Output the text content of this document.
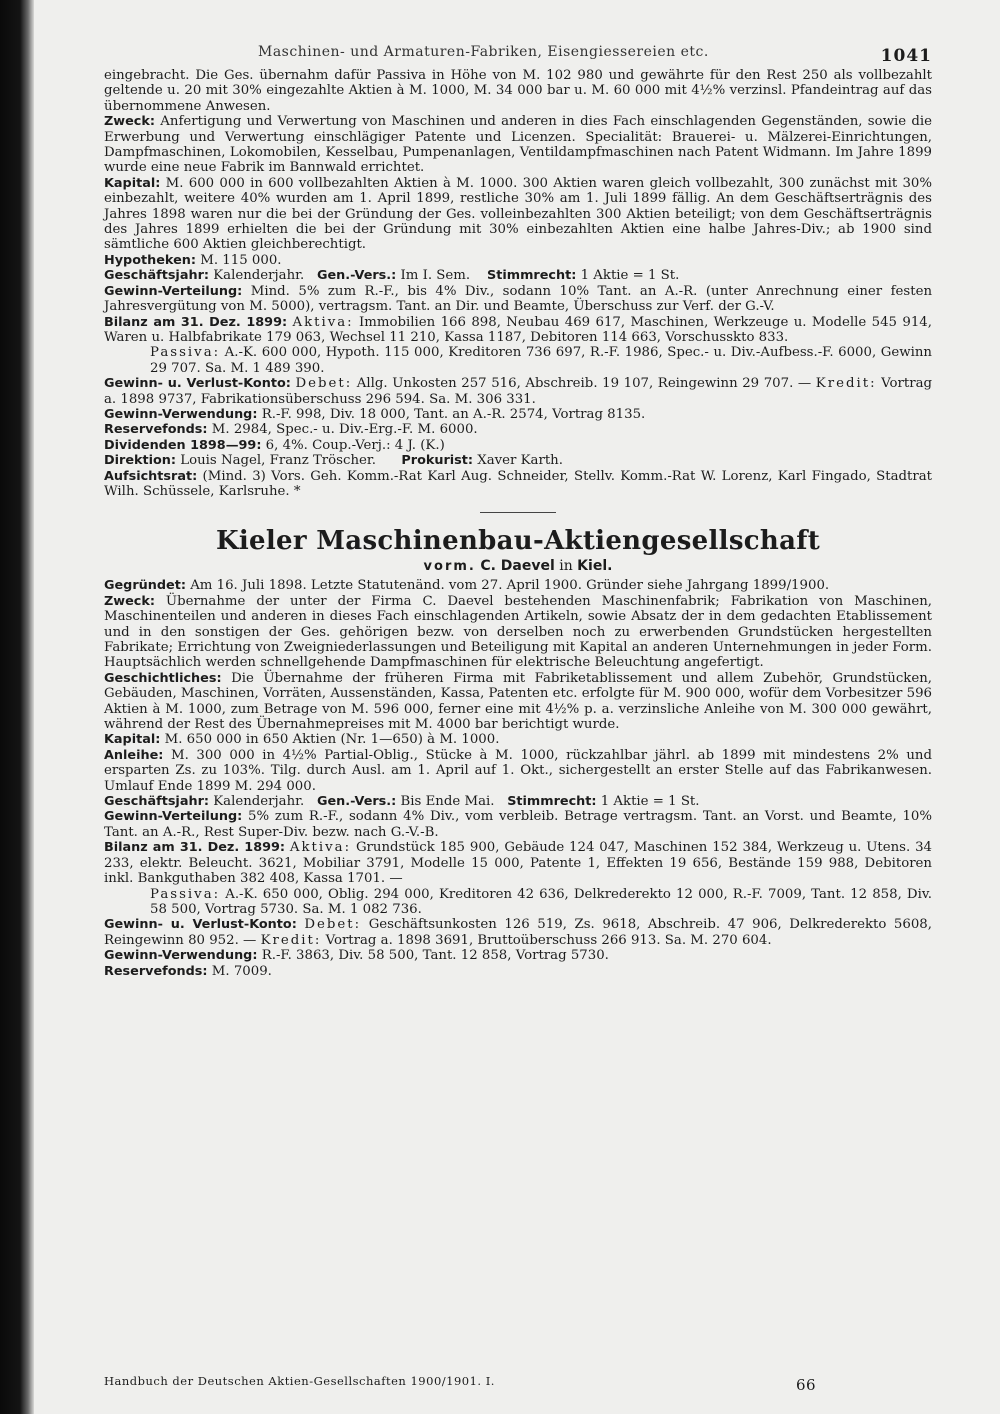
Maschinen- und Armaturen-Fabriken, Eisengiessereien etc.	1041

eingebracht. Die Ges. übernahm dafür Passiva in Höhe von M. 102 980 und gewährte für den Rest 250 als vollbezahlt geltende u. 20 mit 30% eingezahlte Aktien à M. 1000, M. 34 000 bar u. M. 60 000 mit 4½% verzinsl. Pfandeintrag auf das übernommene Anwesen.

Zweck: Anfertigung und Verwertung von Maschinen und anderen in dies Fach einschlagenden Gegenständen, sowie die Erwerbung und Verwertung einschlägiger Patente und Licenzen. Specialität: Brauerei- u. Mälzerei-Einrichtungen, Dampfmaschinen, Lokomobilen, Kesselbau, Pumpenanlagen, Ventildampfmaschinen nach Patent Widmann. Im Jahre 1899 wurde eine neue Fabrik im Bannwald errichtet.

Kapital: M. 600 000 in 600 vollbezahlten Aktien à M. 1000. 300 Aktien waren gleich vollbezahlt, 300 zunächst mit 30% einbezahlt, weitere 40% wurden am 1. April 1899, restliche 30% am 1. Juli 1899 fällig. An dem Geschäftserträgnis des Jahres 1898 waren nur die bei der Gründung der Ges. volleinbezahlten 300 Aktien beteiligt; von dem Geschäftserträgnis des Jahres 1899 erhielten die bei der Gründung mit 30% einbezahlten Aktien eine halbe Jahres-Div.; ab 1900 sind sämtliche 600 Aktien gleichberechtigt.

Hypotheken: M. 115 000.

Geschäftsjahr: Kalenderjahr. Gen.-Vers.: Im I. Sem. Stimmrecht: 1 Aktie = 1 St.

Gewinn-Verteilung: Mind. 5% zum R.-F., bis 4% Div., sodann 10% Tant. an A.-R. (unter Anrechnung einer festen Jahresvergütung von M. 5000), vertragsm. Tant. an Dir. und Beamte, Überschuss zur Verf. der G.-V.

Bilanz am 31. Dez. 1899: Aktiva: Immobilien 166 898, Neubau 469 617, Maschinen, Werkzeuge u. Modelle 545 914, Waren u. Halbfabrikate 179 063, Wechsel 11 210, Kassa 1187, Debitoren 114 663, Vorschusskto 833.

Passiva: A.-K. 600 000, Hypoth. 115 000, Kreditoren 736 697, R.-F. 1986, Spec.- u. Div.-Aufbess.-F. 6000, Gewinn 29 707. Sa. M. 1 489 390.

Gewinn- u. Verlust-Konto: Debet: Allg. Unkosten 257 516, Abschreib. 19 107, Reingewinn 29 707. — Kredit: Vortrag a. 1898 9737, Fabrikationsüberschuss 296 594. Sa. M. 306 331.

Gewinn-Verwendung: R.-F. 998, Div. 18 000, Tant. an A.-R. 2574, Vortrag 8135.

Reservefonds: M. 2984, Spec.- u. Div.-Erg.-F. M. 6000.

Dividenden 1898—99: 6, 4%. Coup.-Verj.: 4 J. (K.)

Direktion: Louis Nagel, Franz Tröscher. Prokurist: Xaver Karth.

Aufsichtsrat: (Mind. 3) Vors. Geh. Komm.-Rat Karl Aug. Schneider, Stellv. Komm.-Rat W. Lorenz, Karl Fingado, Stadtrat Wilh. Schüssele, Karlsruhe. *

Kieler Maschinenbau-Aktiengesellschaft
vorm. C. Daevel in Kiel.

Gegründet: Am 16. Juli 1898. Letzte Statutenänd. vom 27. April 1900. Gründer siehe Jahrgang 1899/1900.

Zweck: Übernahme der unter der Firma C. Daevel bestehenden Maschinenfabrik; Fabrikation von Maschinen, Maschinenteilen und anderen in dieses Fach einschlagenden Artikeln, sowie Absatz der in dem gedachten Etablissement und in den sonstigen der Ges. gehörigen bezw. von derselben noch zu erwerbenden Grundstücken hergestellten Fabrikate; Errichtung von Zweigniederlassungen und Beteiligung mit Kapital an anderen Unternehmungen in jeder Form. Hauptsächlich werden schnellgehende Dampfmaschinen für elektrische Beleuchtung angefertigt.

Geschichtliches: Die Übernahme der früheren Firma mit Fabriketablissement und allem Zubehör, Grundstücken, Gebäuden, Maschinen, Vorräten, Aussenständen, Kassa, Patenten etc. erfolgte für M. 900 000, wofür dem Vorbesitzer 596 Aktien à M. 1000, zum Betrage von M. 596 000, ferner eine mit 4½% p. a. verzinsliche Anleihe von M. 300 000 gewährt, während der Rest des Übernahmepreises mit M. 4000 bar berichtigt wurde.

Kapital: M. 650 000 in 650 Aktien (Nr. 1—650) à M. 1000.

Anleihe: M. 300 000 in 4½% Partial-Oblig., Stücke à M. 1000, rückzahlbar jährl. ab 1899 mit mindestens 2% und ersparten Zs. zu 103%. Tilg. durch Ausl. am 1. April auf 1. Okt., sichergestellt an erster Stelle auf das Fabrikanwesen. Umlauf Ende 1899 M. 294 000.

Geschäftsjahr: Kalenderjahr. Gen.-Vers.: Bis Ende Mai. Stimmrecht: 1 Aktie = 1 St.

Gewinn-Verteilung: 5% zum R.-F., sodann 4% Div., vom verbleib. Betrage vertragsm. Tant. an Vorst. und Beamte, 10% Tant. an A.-R., Rest Super-Div. bezw. nach G.-V.-B.

Bilanz am 31. Dez. 1899: Aktiva: Grundstück 185 900, Gebäude 124 047, Maschinen 152 384, Werkzeug u. Utens. 34 233, elektr. Beleucht. 3621, Mobiliar 3791, Modelle 15 000, Patente 1, Effekten 19 656, Bestände 159 988, Debitoren inkl. Bankguthaben 382 408, Kassa 1701. —

Passiva: A.-K. 650 000, Oblig. 294 000, Kreditoren 42 636, Delkrederekto 12 000, R.-F. 7009, Tant. 12 858, Div. 58 500, Vortrag 5730. Sa. M. 1 082 736.

Gewinn- u. Verlust-Konto: Debet: Geschäftsunkosten 126 519, Zs. 9618, Abschreib. 47 906, Delkrederekto 5608, Reingewinn 80 952. — Kredit: Vortrag a. 1898 3691, Bruttoüberschuss 266 913. Sa. M. 270 604.

Gewinn-Verwendung: R.-F. 3863, Div. 58 500, Tant. 12 858, Vortrag 5730.

Reservefonds: M. 7009.

Handbuch der Deutschen Aktien-Gesellschaften 1900/1901. I.	66
